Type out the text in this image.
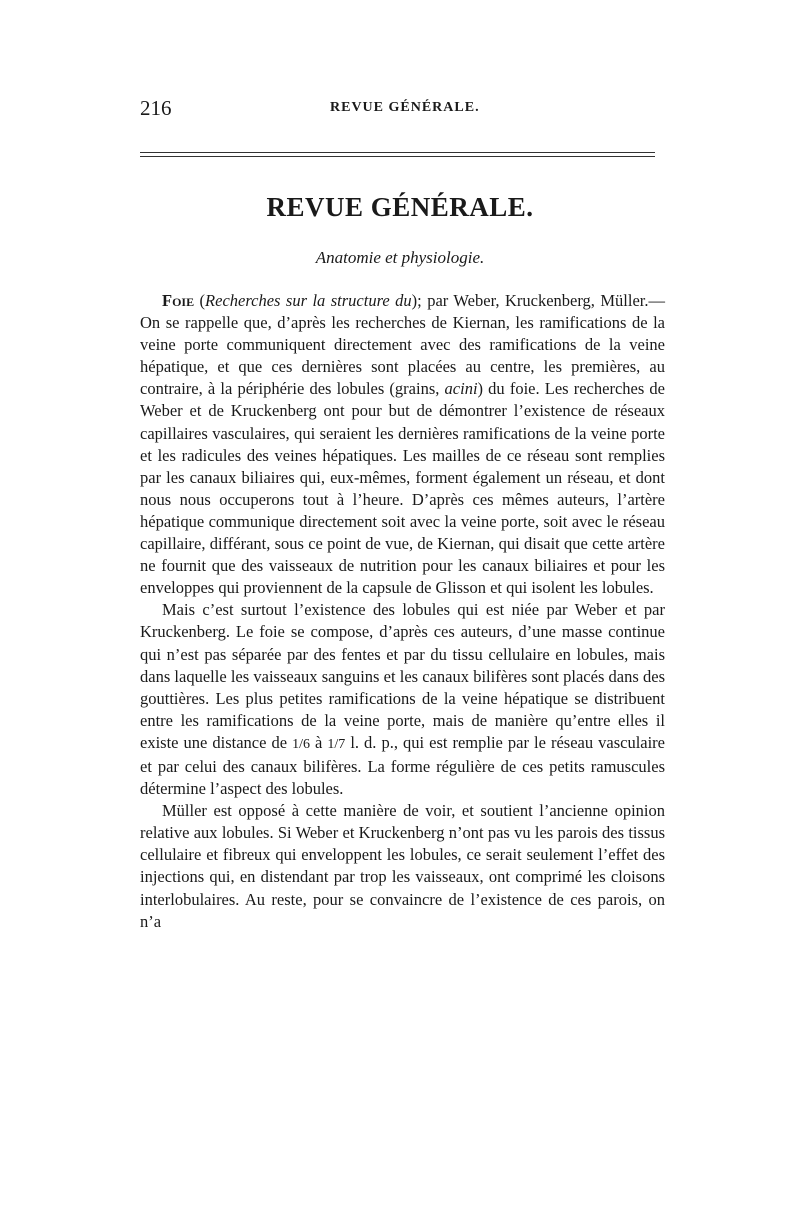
216	REVUE GÉNÉRALE.
REVUE GÉNÉRALE.
Anatomie et physiologie.

Foie (Recherches sur la structure du); par Weber, Kruckenberg, Müller.— On se rappelle que, d’après les recherches de Kiernan, les ramifications de la veine porte communiquent directement avec des ramifications de la veine hépatique, et que ces dernières sont placées au centre, les premières, au contraire, à la périphérie des lobules (grains, acini) du foie. Les recherches de Weber et de Kruckenberg ont pour but de démontrer l’existence de réseaux capillaires vasculaires, qui seraient les dernières ramifications de la veine porte et les radicules des veines hépatiques. Les mailles de ce réseau sont remplies par les canaux biliaires qui, eux-mêmes, forment également un réseau, et dont nous nous occuperons tout à l’heure. D’après ces mêmes auteurs, l’artère hépatique communique directement soit avec la veine porte, soit avec le réseau capillaire, différant, sous ce point de vue, de Kiernan, qui disait que cette artère ne fournit que des vaisseaux de nutrition pour les canaux biliaires et pour les enveloppes qui proviennent de la capsule de Glisson et qui isolent les lobules.

Mais c’est surtout l’existence des lobules qui est niée par Weber et par Kruckenberg. Le foie se compose, d’après ces auteurs, d’une masse continue qui n’est pas séparée par des fentes et par du tissu cellulaire en lobules, mais dans laquelle les vaisseaux sanguins et les canaux bilifères sont placés dans des gouttières. Les plus petites ramifications de la veine hépatique se distribuent entre les ramifications de la veine porte, mais de manière qu’entre elles il existe une distance de 1/6 à 1/7 l. d. p., qui est remplie par le réseau vasculaire et par celui des canaux bilifères. La forme régulière de ces petits ramuscules détermine l’aspect des lobules.

Müller est opposé à cette manière de voir, et soutient l’ancienne opinion relative aux lobules. Si Weber et Kruckenberg n’ont pas vu les parois des tissus cellulaire et fibreux qui enveloppent les lobules, ce serait seulement l’effet des injections qui, en distendant par trop les vaisseaux, ont comprimé les cloisons interlobulaires. Au reste, pour se convaincre de l’existence de ces parois, on n’a
